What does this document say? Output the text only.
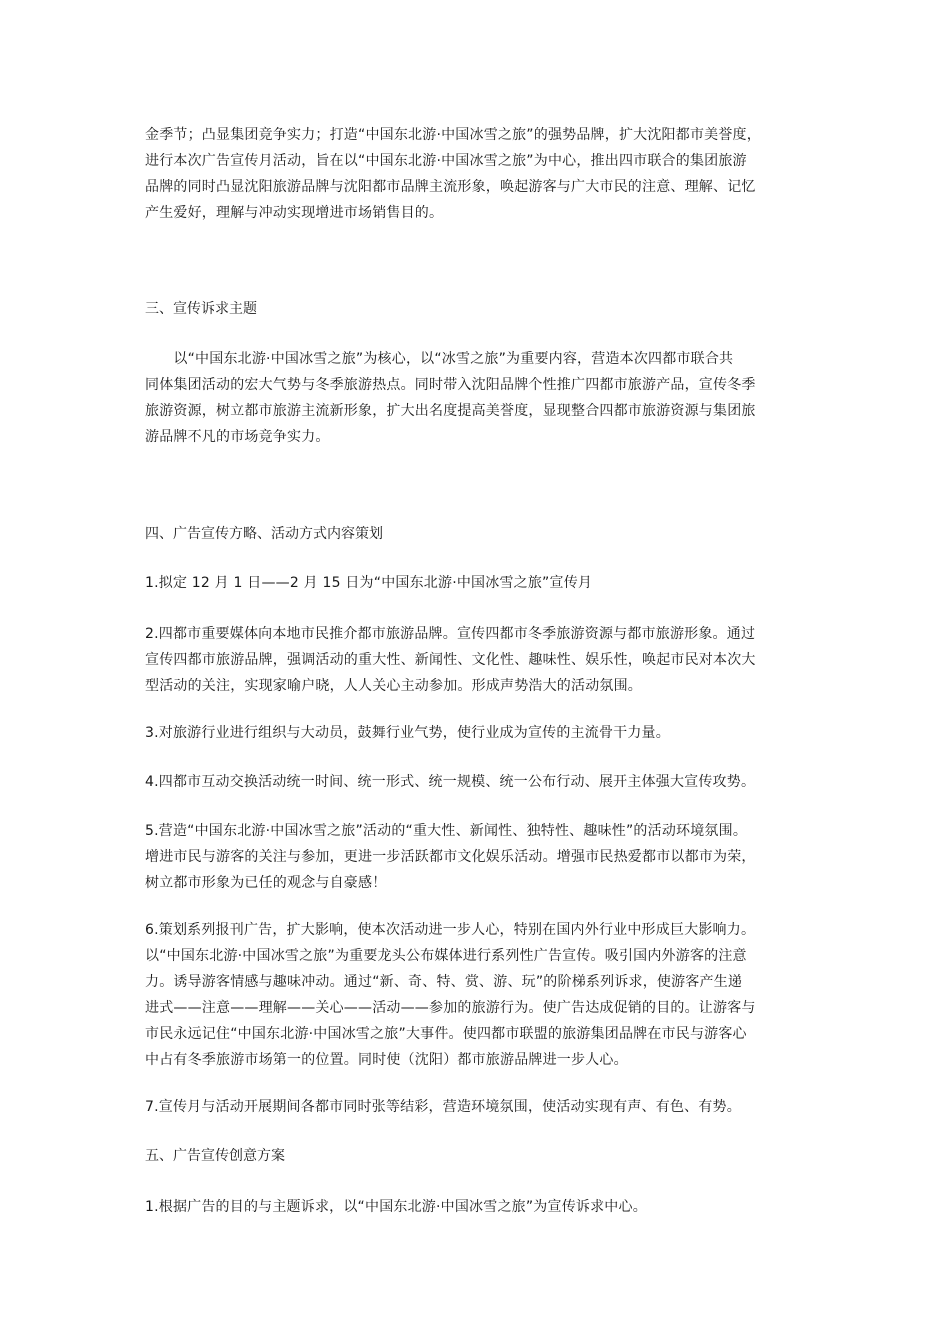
金季节；凸显集团竞争实力；打造“中国东北游·中国冰雪之旅”的强势品牌，扩大沈阳都市美誉度，
进行本次广告宣传月活动，旨在以“中国东北游·中国冰雪之旅”为中心，推出四市联合的集团旅游
品牌的同时凸显沈阳旅游品牌与沈阳都市品牌主流形象，唤起游客与广大市民的注意、理解、记忆
产生爱好，理解与冲动实现增进市场销售目的。
三、宣传诉求主题
　　以“中国东北游·中国冰雪之旅”为核心，以“冰雪之旅”为重要内容，营造本次四都市联合共
同体集团活动的宏大气势与冬季旅游热点。同时带入沈阳品牌个性推广四都市旅游产品，宣传冬季
旅游资源，树立都市旅游主流新形象，扩大出名度提高美誉度，显现整合四都市旅游资源与集团旅
游品牌不凡的市场竞争实力。
四、广告宣传方略、活动方式内容策划
1.拟定 12 月 1 日——2 月 15 日为“中国东北游·中国冰雪之旅”宣传月
2.四都市重要媒体向本地市民推介都市旅游品牌。宣传四都市冬季旅游资源与都市旅游形象。通过
宣传四都市旅游品牌，强调活动的重大性、新闻性、文化性、趣味性、娱乐性，唤起市民对本次大
型活动的关注，实现家喻户晓，人人关心主动参加。形成声势浩大的活动氛围。
3.对旅游行业进行组织与大动员，鼓舞行业气势，使行业成为宣传的主流骨干力量。
4.四都市互动交换活动统一时间、统一形式、统一规模、统一公布行动、展开主体强大宣传攻势。
5.营造“中国东北游·中国冰雪之旅”活动的“重大性、新闻性、独特性、趣味性”的活动环境氛围。
增进市民与游客的关注与参加，更进一步活跃都市文化娱乐活动。增强市民热爱都市以都市为荣，
树立都市形象为已任的观念与自豪感！
6.策划系列报刊广告，扩大影响，使本次活动进一步人心，特别在国内外行业中形成巨大影响力。
以“中国东北游·中国冰雪之旅”为重要龙头公布媒体进行系列性广告宣传。吸引国内外游客的注意
力。诱导游客情感与趣味冲动。通过“新、奇、特、赏、游、玩”的阶梯系列诉求，使游客产生递
进式——注意——理解——关心——活动——参加的旅游行为。使广告达成促销的目的。让游客与
市民永远记住“中国东北游·中国冰雪之旅”大事件。使四都市联盟的旅游集团品牌在市民与游客心
中占有冬季旅游市场第一的位置。同时使（沈阳）都市旅游品牌进一步人心。
7.宣传月与活动开展期间各都市同时张等结彩，营造环境氛围，使活动实现有声、有色、有势。
五、广告宣传创意方案
1.根据广告的目的与主题诉求，以“中国东北游·中国冰雪之旅”为宣传诉求中心。
